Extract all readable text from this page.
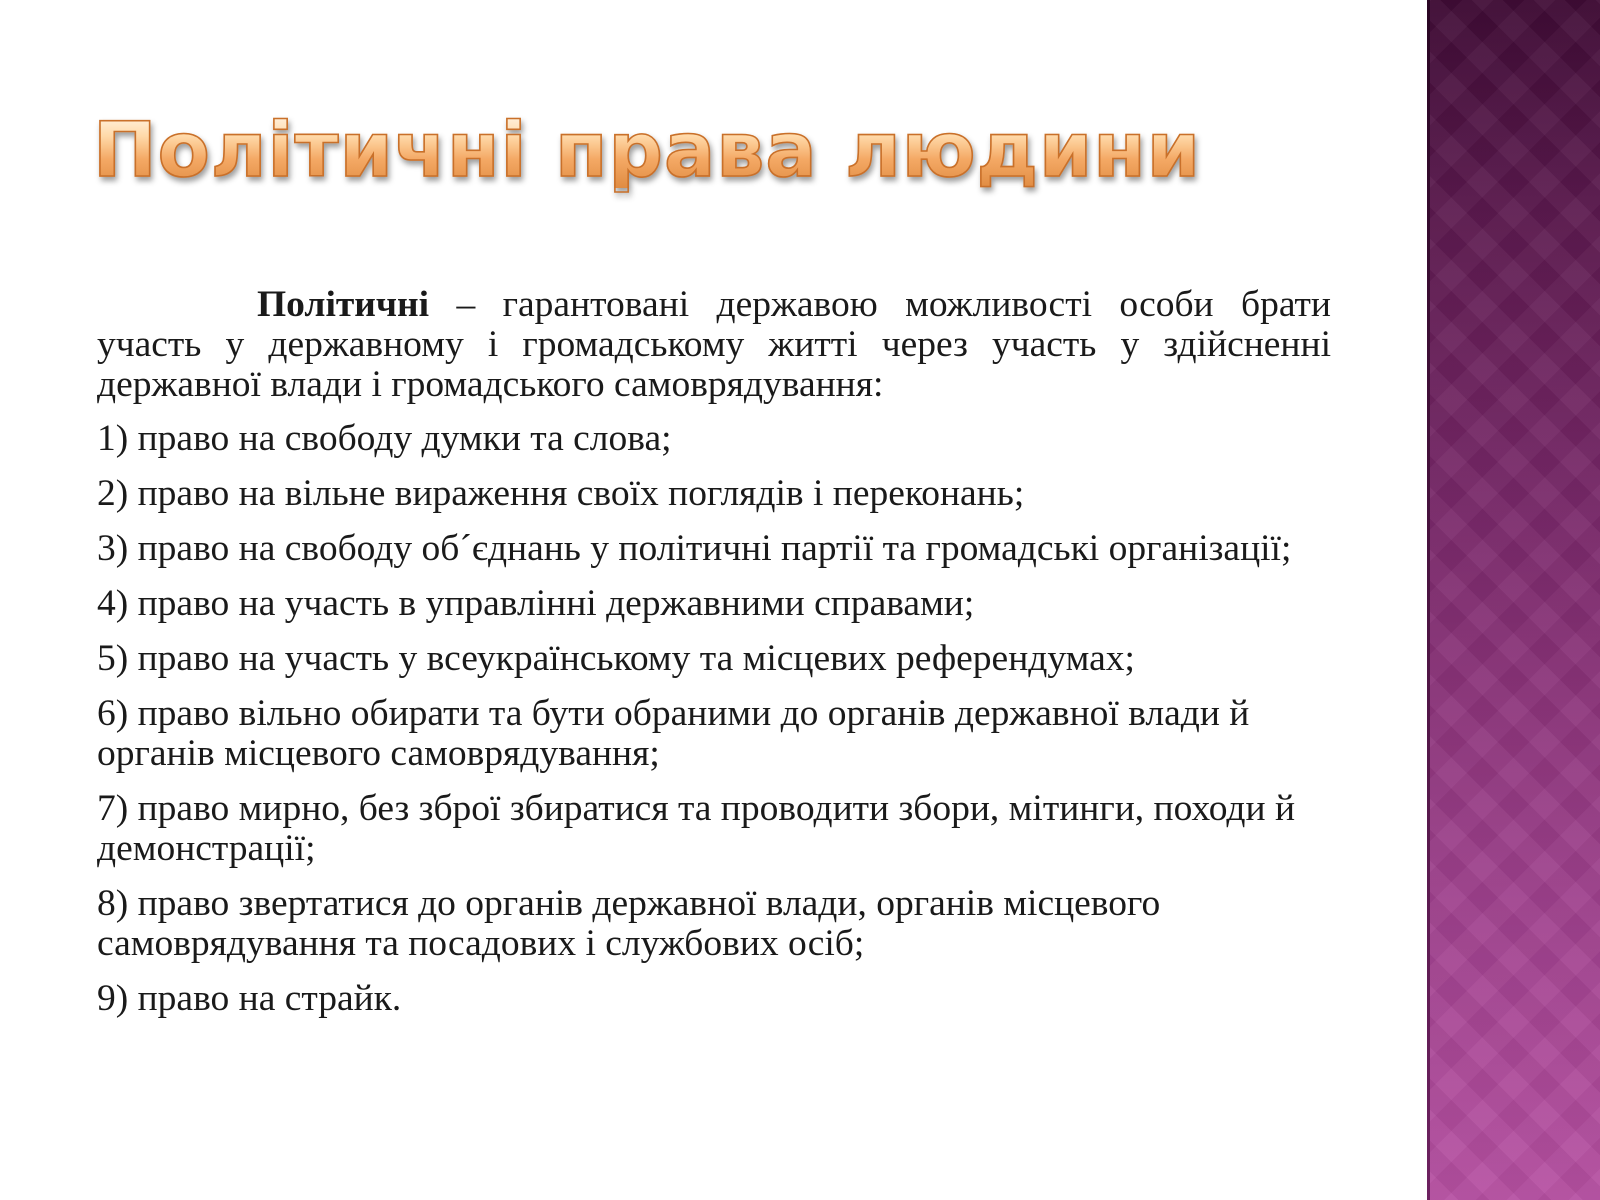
Політичні права людини

Політичні – гарантовані державою можливості особи брати участь у державному і громадському житті через участь у здійсненні державної влади і громадського самоврядування:

1) право на свободу думки та слова;
2) право на вільне вираження своїх поглядів і переконань;
3) право на свободу об´єднань у політичні партії та громадські організації;
4) право на участь в управлінні державними справами;
5) право на участь у всеукраїнському та місцевих референдумах;
6) право вільно обирати та бути обраними до органів державної влади й органів місцевого самоврядування;
7) право мирно, без зброї збиратися та проводити збори, мітинги, походи й демонстрації;
8) право звертатися до органів державної влади, органів місцевого самоврядування та посадових і службових осіб;
9) право на страйк.
